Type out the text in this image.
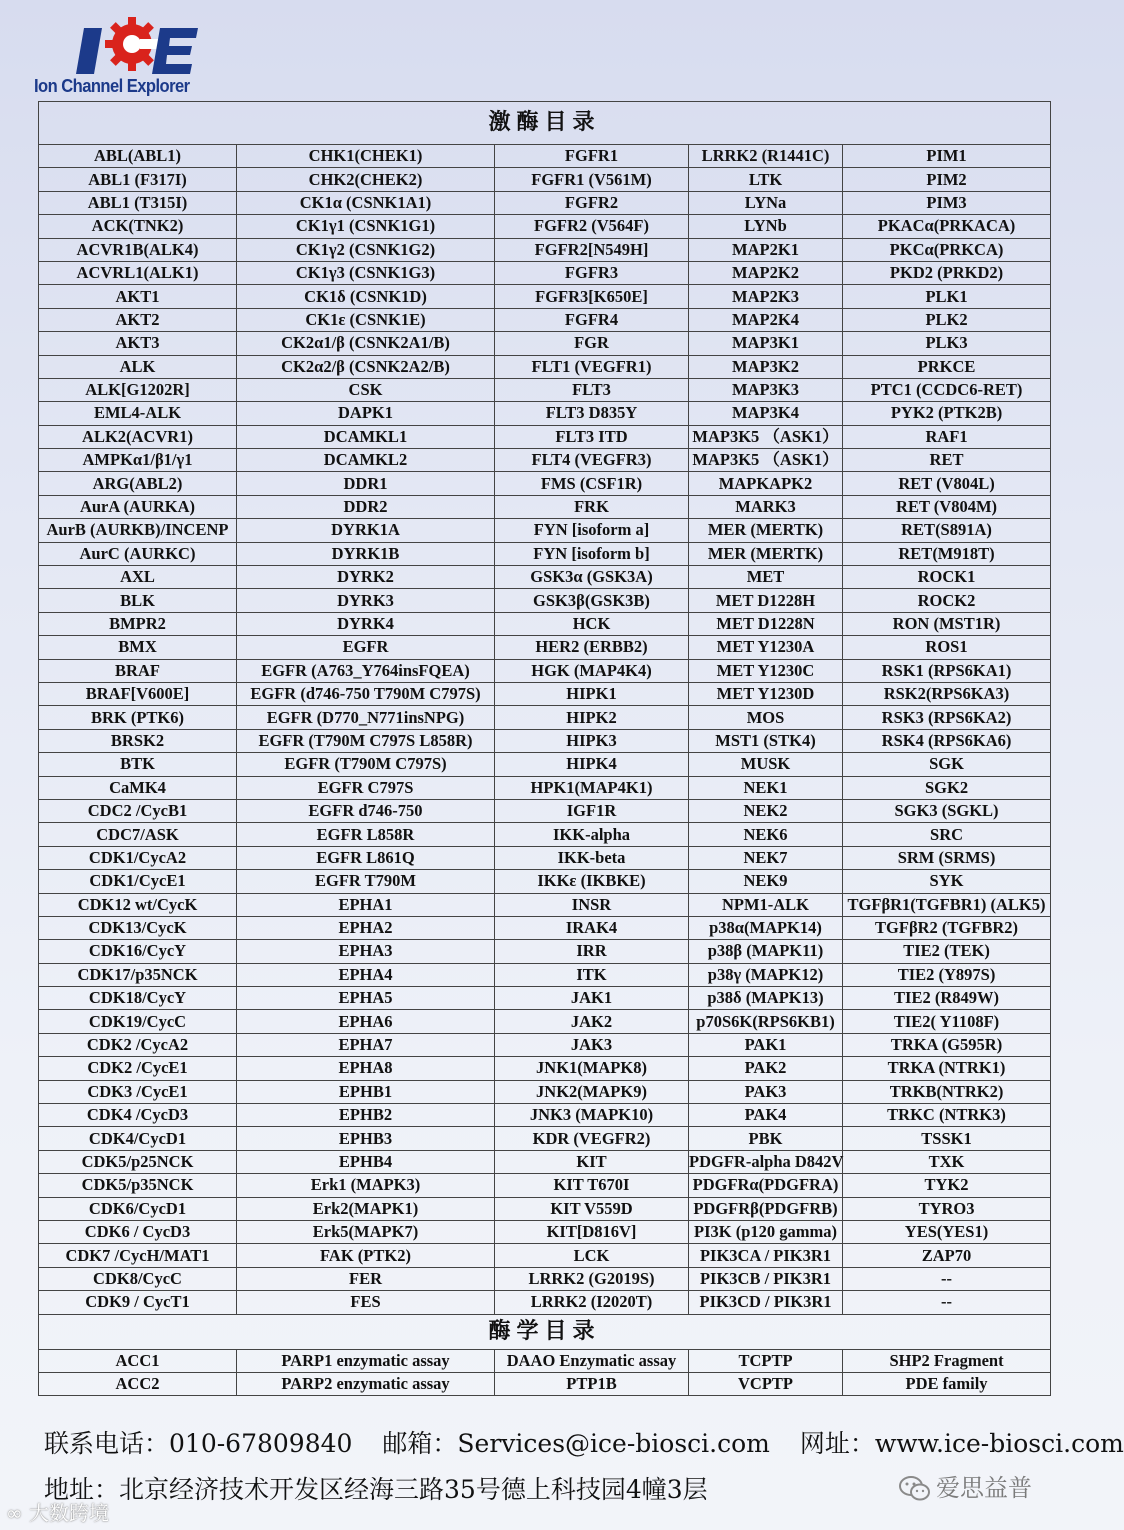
Ion Channel Explorer
激酶目录				
ABL(ABL1)	CHK1(CHEK1)	FGFR1	LRRK2 (R1441C)	PIM1
ABL1 (F317I)	CHK2(CHEK2)	FGFR1 (V561M)	LTK	PIM2
ABL1 (T315I)	CK1α (CSNK1A1)	FGFR2	LYNa	PIM3
ACK(TNK2)	CK1γ1 (CSNK1G1)	FGFR2 (V564F)	LYNb	PKACα(PRKACA)
ACVR1B(ALK4)	CK1γ2 (CSNK1G2)	FGFR2[N549H]	MAP2K1	PKCα(PRKCA)
ACVRL1(ALK1)	CK1γ3 (CSNK1G3)	FGFR3	MAP2K2	PKD2 (PRKD2)
AKT1	CK1δ (CSNK1D)	FGFR3[K650E]	MAP2K3	PLK1
AKT2	CK1ε (CSNK1E)	FGFR4	MAP2K4	PLK2
AKT3	CK2α1/β (CSNK2A1/B)	FGR	MAP3K1	PLK3
ALK	CK2α2/β (CSNK2A2/B)	FLT1 (VEGFR1)	MAP3K2	PRKCE
ALK[G1202R]	CSK	FLT3	MAP3K3	PTC1 (CCDC6-RET)
EML4-ALK	DAPK1	FLT3 D835Y	MAP3K4	PYK2 (PTK2B)
ALK2(ACVR1)	DCAMKL1	FLT3 ITD	MAP3K5 （ASK1）	RAF1
AMPKα1/β1/γ1	DCAMKL2	FLT4 (VEGFR3)	MAP3K5 （ASK1）	RET
ARG(ABL2)	DDR1	FMS (CSF1R)	MAPKAPK2	RET (V804L)
AurA (AURKA)	DDR2	FRK	MARK3	RET (V804M)
AurB (AURKB)/INCENP	DYRK1A	FYN [isoform a]	MER (MERTK)	RET(S891A)
AurC (AURKC)	DYRK1B	FYN [isoform b]	MER (MERTK)	RET(M918T)
AXL	DYRK2	GSK3α (GSK3A)	MET	ROCK1
BLK	DYRK3	GSK3β(GSK3B)	MET D1228H	ROCK2
BMPR2	DYRK4	HCK	MET D1228N	RON (MST1R)
BMX	EGFR	HER2 (ERBB2)	MET Y1230A	ROS1
BRAF	EGFR (A763_Y764insFQEA)	HGK (MAP4K4)	MET Y1230C	RSK1 (RPS6KA1)
BRAF[V600E]	EGFR (d746-750 T790M C797S)	HIPK1	MET Y1230D	RSK2(RPS6KA3)
BRK (PTK6)	EGFR (D770_N771insNPG)	HIPK2	MOS	RSK3 (RPS6KA2)
BRSK2	EGFR (T790M C797S L858R)	HIPK3	MST1 (STK4)	RSK4 (RPS6KA6)
BTK	EGFR (T790M C797S)	HIPK4	MUSK	SGK
CaMK4	EGFR C797S	HPK1(MAP4K1)	NEK1	SGK2
CDC2 /CycB1	EGFR d746-750	IGF1R	NEK2	SGK3 (SGKL)
CDC7/ASK	EGFR L858R	IKK-alpha	NEK6	SRC
CDK1/CycA2	EGFR L861Q	IKK-beta	NEK7	SRM (SRMS)
CDK1/CycE1	EGFR T790M	IKKε (IKBKE)	NEK9	SYK
CDK12 wt/CycK	EPHA1	INSR	NPM1-ALK	TGFβR1(TGFBR1) (ALK5)
CDK13/CycK	EPHA2	IRAK4	p38α(MAPK14)	TGFβR2 (TGFBR2)
CDK16/CycY	EPHA3	IRR	p38β (MAPK11)	TIE2 (TEK)
CDK17/p35NCK	EPHA4	ITK	p38γ (MAPK12)	TIE2 (Y897S)
CDK18/CycY	EPHA5	JAK1	p38δ (MAPK13)	TIE2 (R849W)
CDK19/CycC	EPHA6	JAK2	p70S6K(RPS6KB1)	TIE2( Y1108F)
CDK2 /CycA2	EPHA7	JAK3	PAK1	TRKA (G595R)
CDK2 /CycE1	EPHA8	JNK1(MAPK8)	PAK2	TRKA (NTRK1)
CDK3 /CycE1	EPHB1	JNK2(MAPK9)	PAK3	TRKB(NTRK2)
CDK4 /CycD3	EPHB2	JNK3 (MAPK10)	PAK4	TRKC (NTRK3)
CDK4/CycD1	EPHB3	KDR (VEGFR2)	PBK	TSSK1
CDK5/p25NCK	EPHB4	KIT	PDGFR-alpha D842V	TXK
CDK5/p35NCK	Erk1 (MAPK3)	KIT T670I	PDGFRα(PDGFRA)	TYK2
CDK6/CycD1	Erk2(MAPK1)	KIT V559D	PDGFRβ(PDGFRB)	TYRO3
CDK6 / CycD3	Erk5(MAPK7)	KIT[D816V]	PI3K (p120 gamma)	YES(YES1)
CDK7 /CycH/MAT1	FAK (PTK2)	LCK	PIK3CA / PIK3R1	ZAP70
CDK8/CycC	FER	LRRK2 (G2019S)	PIK3CB / PIK3R1	--
CDK9 / CycT1	FES	LRRK2 (I2020T)	PIK3CD / PIK3R1	--
酶学目录				
ACC1	PARP1 enzymatic assay	DAAO Enzymatic assay	TCPTP	SHP2 Fragment
ACC2	PARP2 enzymatic assay	PTP1B	VCPTP	PDE family
联系电话：010-67809840 邮箱：Services@ice-biosci.com 网址：www.ice-biosci.com
地址：北京经济技术开发区经海三路35号德上科技园4幢3层	爱思益普
∞ 大数跨境
